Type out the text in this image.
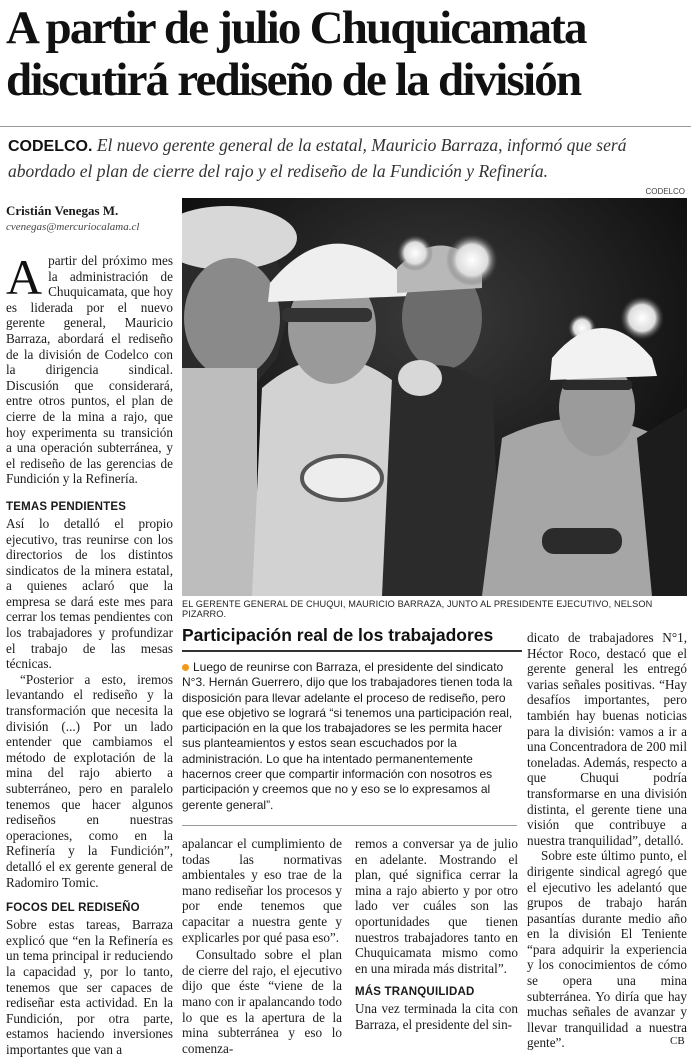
A partir de julio Chuquicamata
discutirá rediseño de la división
CODELCO. El nuevo gerente general de la estatal, Mauricio Barraza, informó que será abordado el plan de cierre del rajo y el rediseño de la Fundición y Refinería.
CODELCO
Cristián Venegas M.
cvenegas@mercuriocalama.cl

Apartir del próximo mes la administración de Chuquicamata, que hoy es liderada por el nuevo gerente general, Mauricio Barraza, abordará el rediseño de la división de Codelco con la dirigencia sindical. Discusión que considerará, entre otros puntos, el plan de cierre de la mina a rajo, que hoy experimenta su transición a una operación subterránea, y el rediseño de las gerencias de Fundición y la Refinería.

TEMAS PENDIENTES

Así lo detalló el propio ejecutivo, tras reunirse con los directorios de los distintos sindicatos de la minera estatal, a quienes aclaró que la empresa se dará este mes para cerrar los temas pendientes con los trabajadores y profundizar el trabajo de las mesas técnicas.

“Posterior a esto, iremos levantando el rediseño y la transformación que necesita la división (...) Por un lado entender que cambiamos el método de explotación de la mina del rajo abierto a subterráneo, pero en paralelo tenemos que hacer algunos rediseños en nuestras operaciones, como en la Refinería y la Fundición”, detalló el ex gerente general de Radomiro Tomic.

FOCOS DEL REDISEÑO

Sobre estas tareas, Barraza explicó que “en la Refinería es un tema principal ir reduciendo la capacidad y, por lo tanto, tenemos que ser capaces de rediseñar esta actividad. En la Fundición, por otra parte, estamos haciendo inversiones importantes que van a

EL GERENTE GENERAL DE CHUQUI, MAURICIO BARRAZA, JUNTO AL PRESIDENTE EJECUTIVO, NELSON PIZARRO.
Participación real de los trabajadores

Luego de reunirse con Barraza, el presidente del sindicato N°3. Hernán Guerrero, dijo que los trabajadores tienen toda la disposición para llevar adelante el proceso de rediseño, pero que ese objetivo se logrará “si tenemos una participación real, participación en la que los trabajadores se les permita hacer sus planteamientos y estos sean escuchados por la administración. Lo que ha intentado permanentemente hacernos creer que compartir información con nosotros es participación y creemos que no y eso se lo expresamos al gerente general”.

apalancar el cumplimiento de todas las normativas ambientales y eso trae de la mano rediseñar los procesos y por ende tenemos que capacitar a nuestra gente y explicarles por qué pasa eso”.

Consultado sobre el plan de cierre del rajo, el ejecutivo dijo que éste “viene de la mano con ir apalancando todo lo que es la apertura de la mina subterránea y eso lo comenza-

remos a conversar ya de julio en adelante. Mostrando el plan, qué significa cerrar la mina a rajo abierto y por otro lado ver cuáles son las oportunidades que tienen nuestros trabajadores tanto en Chuquicamata mismo como en una mirada más distrital”.

MÁS TRANQUILIDAD

Una vez terminada la cita con Barraza, el presidente del sin-

dicato de trabajadores N°1, Héctor Roco, destacó que el gerente general les entregó varias señales positivas. “Hay desafíos importantes, pero también hay buenas noticias para la división: vamos a ir a una Concentradora de 200 mil toneladas. Además, respecto a que Chuqui podría transformarse en una división distinta, el gerente tiene una visión que contribuye a nuestra tranquilidad”, detalló.

Sobre este último punto, el dirigente sindical agregó que el ejecutivo les adelantó que grupos de trabajo harán pasantías durante medio año en la división El Teniente “para adquirir la experiencia y los conocimientos de cómo se opera una mina subterránea. Yo diría que hay muchas señales de avanzar y llevar tranquilidad a nuestra gente”.	CB
